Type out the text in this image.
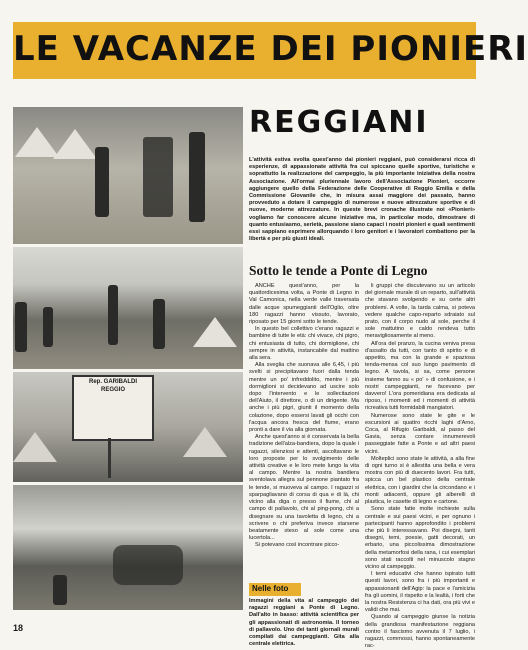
LE VACANZE DEI PIONIERI
REGGIANI
Rep. GARIBALDI
REGGIO
L'attività estiva svolta quest'anno dai pionieri reggiani, può considerarsi ricca di esperienze, di appassionate attività fra cui spiccano quelle sportive, turistiche e soprattutto la realizzazione del campeggio, la più importante iniziativa della nostra Associazione. All'ormai pluriennale lavoro dell'Associazione Pionieri, occorre aggiungere quello della Federazione delle Cooperative di Reggio Emilia e della Commissione Giovanile che, in misura assai maggiore dei passato, hanno provveduto a dotare il campeggio di numerose e nuove attrezzature sportive e di nuove, moderne attrezzature. In queste brevi cronache illustrate noi «Pionieri» vogliamo far conoscere alcune iniziative ma, in particolar modo, dimostrare di quanto entusiasmo, serietà, passione siano capaci i nostri pionieri e quali sentimenti essi sappiano esprimere allorquando i loro genitori e i lavoratori combattono per la libertà e per più giusti ideali.
Sotto le tende a Ponte di Legno

ANCHE quest'anno, per la quattordicesima volta, a Ponte di Legno in Val Camonica, nella verde valle traversata dalle acque spumeggianti dell'Oglio, oltre 180 ragazzi hanno vissuto, lavorato, riposato per 15 giorni sotto le tende.

In questo bel collettivo c'erano ragazzi e bambine di tutte le età: chi vivace, chi pigro, chi entusiasta di tutto, chi dormiglione, chi sempre in attività, instancabile dal mattino alla sera.

Alla sveglia che suonava alle 6,45, i più svelti si precipitavano fuori dalla tenda mentre un po' infreddolito, mentre i più dormiglioni si decidevano ad uscire solo dopo l'intervento e le sollecitazioni dell'Aiuto, il direttore, o di un dirigente. Ma anche i più pigri, giunti il momento della colazione, dopo essersi lavati gli occhi con l'acqua ancora fresca del fiume, erano pronti a dare il via alla giornata.

Anche quest'anno si è conservata la bella tradizione dell'alza-bandiera, dopo la quale i ragazzi, silenziosi e attenti, ascoltavano le loro proposte per lo svolgimento delle attività creative e le loro mete lungo la vita al campo. Mentre la nostra bandiera sventolava allegra sul pennone piantato fra le tende, si muoveva al campo. I ragazzi si sparpagliavano di corsa di qua e di là, chi vicino alla diga o presso il fiume, chi al campo di pallavolo, chi al ping-pong, chi a disegnare su una tavoletta di legno, chi a scrivere o chi preferiva invece starsene beatamente steso al sole come una lucertola...

Si potevano così incontrare picco-

li gruppi che discutevano su un articolo del giornale murale di un reparto, sull'attività che stavano svolgendo e su certe altri problemi. A volte, la tarda calma, si poteva vedere qualche capo-reparto sdraiato sul prato, con il corpo nudo al sole, perche il sole mattutino e caldo rendeva tutto meravigliosamente al meno.

All'ora del pranzo, la cucina veniva presa d'assalto da tutti, con tanto di spirito e di appetito, ma con la grande e spaziosa tenda-mensa col suo lungo pavimento di legno. A tavola, si sa, come persone insieme fanno su « po' » di confusione, e i nostri campeggianti, ne facevano per davvero! L'ora pomeridiana era dedicata al riposo, i momenti ed i momenti di attività ricreativa tutti formidabili mangiatori.

Numerose sono state le gite e le escursioni ai quattro ricchi laghi d'Arno, Coca, al Rifugio Garibaldi, al passo del Gavia, senza contare innumerevoli passeggiate fatte a Ponte e ad altri paesi vicini.

Molteplici sono state le attività, a alla fine di ogni turno si è allestita una bella e vera mostra con più di duecento lavori. Fra tutti, spicca un bel plastico della centrale elettrica, con i giardini che la circondano e i monti adiacenti, oppure gli alberelli di plastica, le casette di legno e cartone.

Sono state fatte molte inchieste sulla centrale e sui paesi vicini, e per ognuno i partecipanti hanno approfondito i problemi che più li interessavano. Poi disegni, tanti disegni, temi, poesie, gatti decorati, un erbario, una piccolissima dimostrazione della metamorfosi della rana, i cui esemplari sono stati raccolti nel minuscolo stagno vicino al campeggio.

I temi educativi che hanno ispirato tutti questi lavori, sono fra i più importanti e appassionanti dell'Agip: la pace e l'amicizia fra gli uomini, il rispetto e la lealtà, i forti che la nostra Resistenza ci ha dati, ora più vivi e validi che mai.

Quando al campeggio giunse la notizia della grandiosa manifestazione reggiana contro il fascismo avvenuta il 7 luglio, i ragazzi, commossi, hanno spontaneamente rac-

Nelle foto
Immagini della vita al campeggio dei ragazzi reggiani a Ponte di Legno. Dall'alto in basso: attività scientifica per gli appassionati di astronomia. Il torneo di pallavolo. Uno dei tanti giornali murali compilati dai campeggianti. Gita alla centrale elettrica.
18
